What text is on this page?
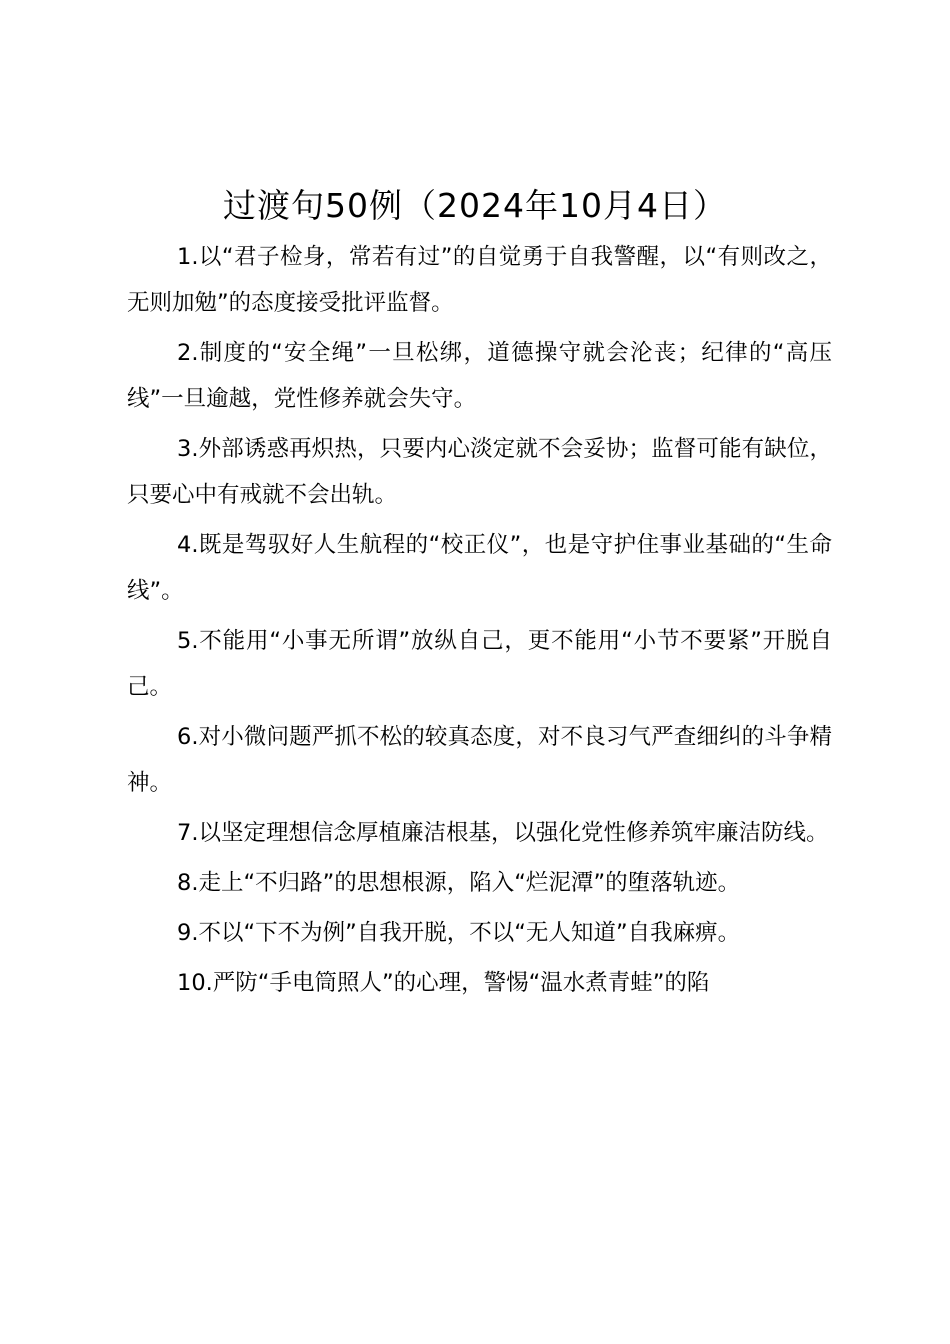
过渡句50例（2024年10月4日）

1.以“君子检身，常若有过”的自觉勇于自我警醒，以“有则改之，无则加勉”的态度接受批评监督。

2.制度的“安全绳”一旦松绑，道德操守就会沦丧；纪律的“高压线”一旦逾越，党性修养就会失守。

3.外部诱惑再炽热，只要内心淡定就不会妥协；监督可能有缺位，只要心中有戒就不会出轨。

4.既是驾驭好人生航程的“校正仪”，也是守护住事业基础的“生命线”。

5.不能用“小事无所谓”放纵自己，更不能用“小节不要紧”开脱自己。

6.对小微问题严抓不松的较真态度，对不良习气严查细纠的斗争精神。

7.以坚定理想信念厚植廉洁根基，以强化党性修养筑牢廉洁防线。

8.走上“不归路”的思想根源，陷入“烂泥潭”的堕落轨迹。

9.不以“下不为例”自我开脱，不以“无人知道”自我麻痹。

10.严防“手电筒照人”的心理，警惕“温水煮青蛙”的陷
